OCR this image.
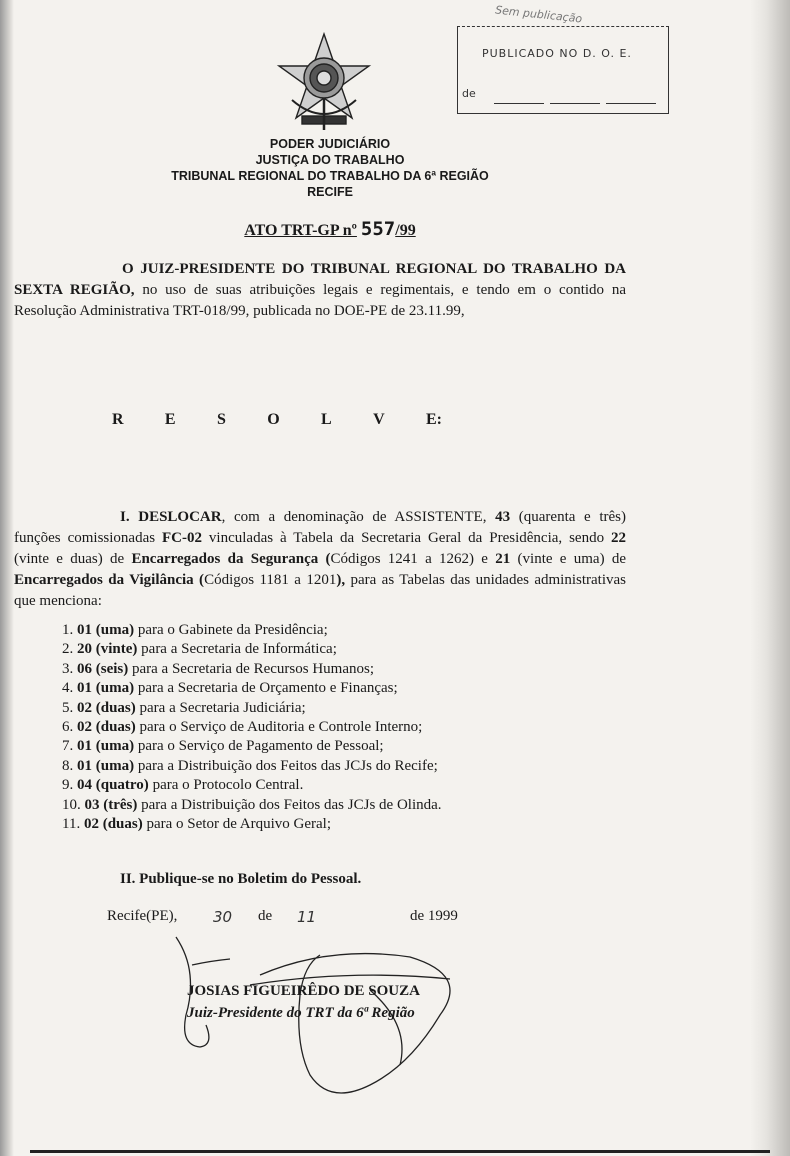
Sem publicação
PUBLICADO NO D. O. E.
de
PODER JUDICIÁRIO
JUSTIÇA DO TRABALHO
TRIBUNAL REGIONAL DO TRABALHO DA 6ª REGIÃO
RECIFE
ATO TRT-GP nº 557/99
O JUIZ-PRESIDENTE DO TRIBUNAL REGIONAL DO TRABALHO DA SEXTA REGIÃO, no uso de suas atribuições legais e regimentais, e tendo em o contido na Resolução Administrativa TRT-018/99, publicada no DOE-PE de 23.11.99,
R	E	S	O	L	V	E:
I. DESLOCAR, com a denominação de ASSISTENTE, 43 (quarenta e três) funções comissionadas FC-02 vinculadas à Tabela da Secretaria Geral da Presidência, sendo 22 (vinte e duas) de Encarregados da Segurança (Códigos 1241 a 1262) e 21 (vinte e uma) de Encarregados da Vigilância (Códigos 1181 a 1201), para as Tabelas das unidades administrativas que menciona:
1. 01 (uma) para o Gabinete da Presidência;
2. 20 (vinte) para a Secretaria de Informática;
3. 06 (seis) para a Secretaria de Recursos Humanos;
4. 01 (uma) para a Secretaria de Orçamento e Finanças;
5. 02 (duas) para a Secretaria Judiciária;
6. 02 (duas) para o Serviço de Auditoria e Controle Interno;
7. 01 (uma) para o Serviço de Pagamento de Pessoal;
8. 01 (uma) para a Distribuição dos Feitos das JCJs do Recife;
9. 04 (quatro) para o Protocolo Central.
10. 03 (três) para a Distribuição dos Feitos das JCJs de Olinda.
11. 02 (duas) para o Setor de Arquivo Geral;
II. Publique-se no Boletim do Pessoal.
Recife(PE), 30 de 11	de 1999
JOSIAS FIGUEIRÊDO DE SOUZA
Juiz-Presidente do TRT da 6ª Região
